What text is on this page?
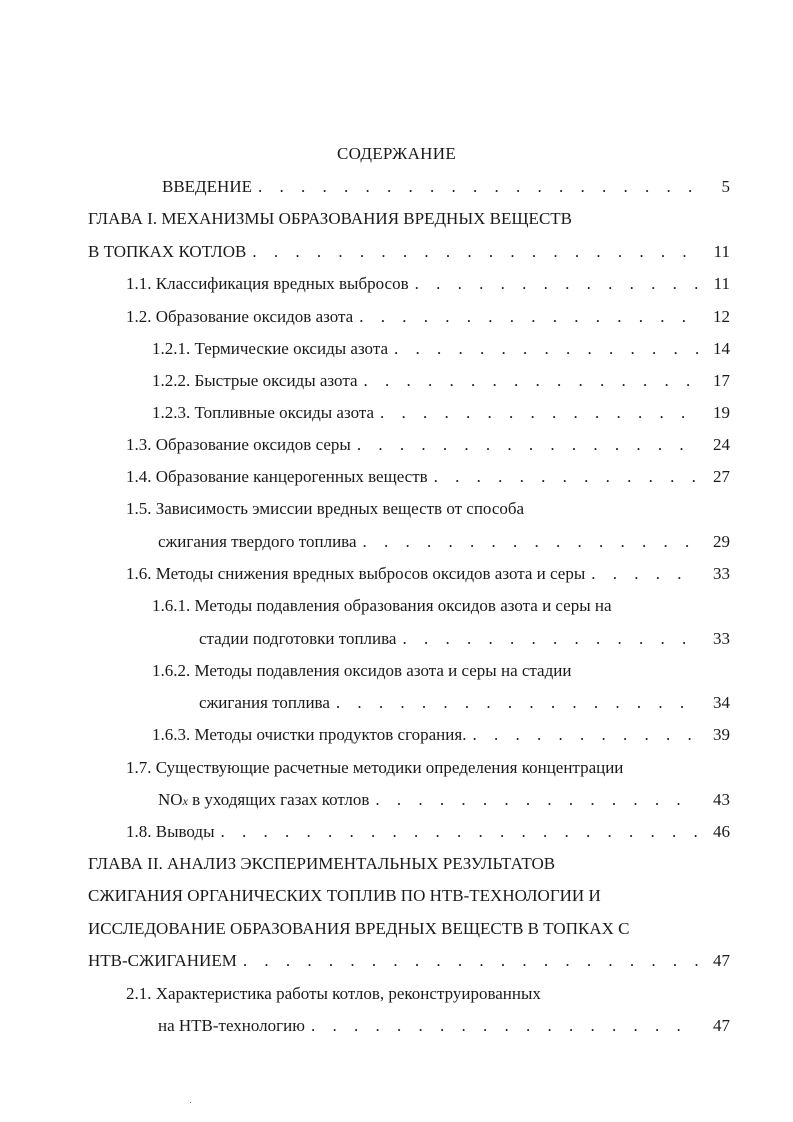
СОДЕРЖАНИЕ
ВВЕДЕНИЕ . . .	5
ГЛАВА I. МЕХАНИЗМЫ ОБРАЗОВАНИЯ ВРЕДНЫХ ВЕЩЕСТВ
В ТОПКАХ КОТЛОВ . . .	11
1.1. Классификация вредных выбросов . . .	11
1.2. Образование оксидов азота . . .	12
1.2.1. Термические оксиды азота . . .	14
1.2.2. Быстрые оксиды азота . . .	17
1.2.3. Топливные оксиды азота . . .	19
1.3. Образование оксидов серы . . .	24
1.4. Образование канцерогенных веществ . . .	27
1.5. Зависимость эмиссии вредных веществ от способа
сжигания твердого топлива . . .	29
1.6. Методы снижения вредных выбросов оксидов азота и серы . . .	33
1.6.1. Методы подавления образования оксидов азота и серы на
стадии подготовки топлива . . .	33
1.6.2. Методы подавления оксидов азота и серы на стадии
сжигания топлива . . .	34
1.6.3. Методы очистки продуктов сгорания. . . .	39
1.7. Существующие расчетные методики определения концентрации
NOx в уходящих газах котлов . . .	43
1.8. Выводы . . .	46
ГЛАВА II. АНАЛИЗ ЭКСПЕРИМЕНТАЛЬНЫХ РЕЗУЛЬТАТОВ
СЖИГАНИЯ ОРГАНИЧЕСКИХ ТОПЛИВ ПО НТВ-ТЕХНОЛОГИИ И
ИССЛЕДОВАНИЕ ОБРАЗОВАНИЯ ВРЕДНЫХ ВЕЩЕСТВ В ТОПКАХ С
НТВ-СЖИГАНИЕМ . . .	47
2.1. Характеристика работы котлов, реконструированных
на НТВ-технологию . . .	47
